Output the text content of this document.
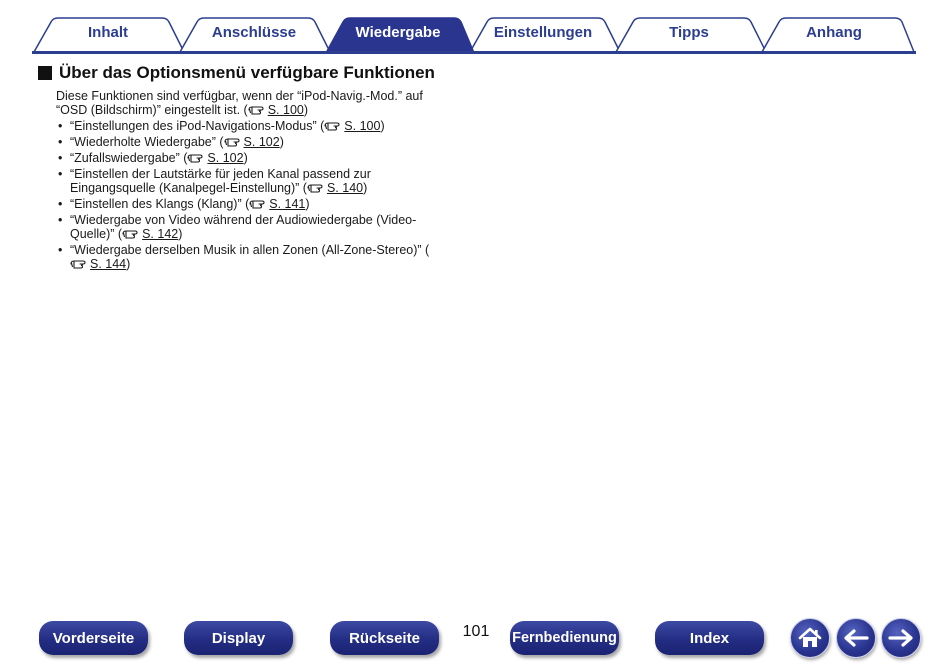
Inhalt	Anschlüsse	Wiedergabe	Einstellungen	Tipps	Anhang
Über das Optionsmenü verfügbare Funktionen
Diese Funktionen sind verfügbar, wenn der “iPod-Navig.-Mod.” auf
“OSD (Bildschirm)” eingestellt ist. ( S. 100)
• “Einstellungen des iPod-Navigations-Modus” ( S. 100)
• “Wiederholte Wiedergabe” ( S. 102)
• “Zufallswiedergabe” ( S. 102)
• “Einstellen der Lautstärke für jeden Kanal passend zur Eingangsquelle (Kanalpegel-Einstellung)” ( S. 140)
• “Einstellen des Klangs (Klang)” ( S. 141)
• “Wiedergabe von Video während der Audiowiedergabe (Video-Quelle)” ( S. 142)
• “Wiedergabe derselben Musik in allen Zonen (All-Zone-Stereo)” (S. 144)
Vorderseite	Display	Rückseite	101	Fernbedienung	Index
